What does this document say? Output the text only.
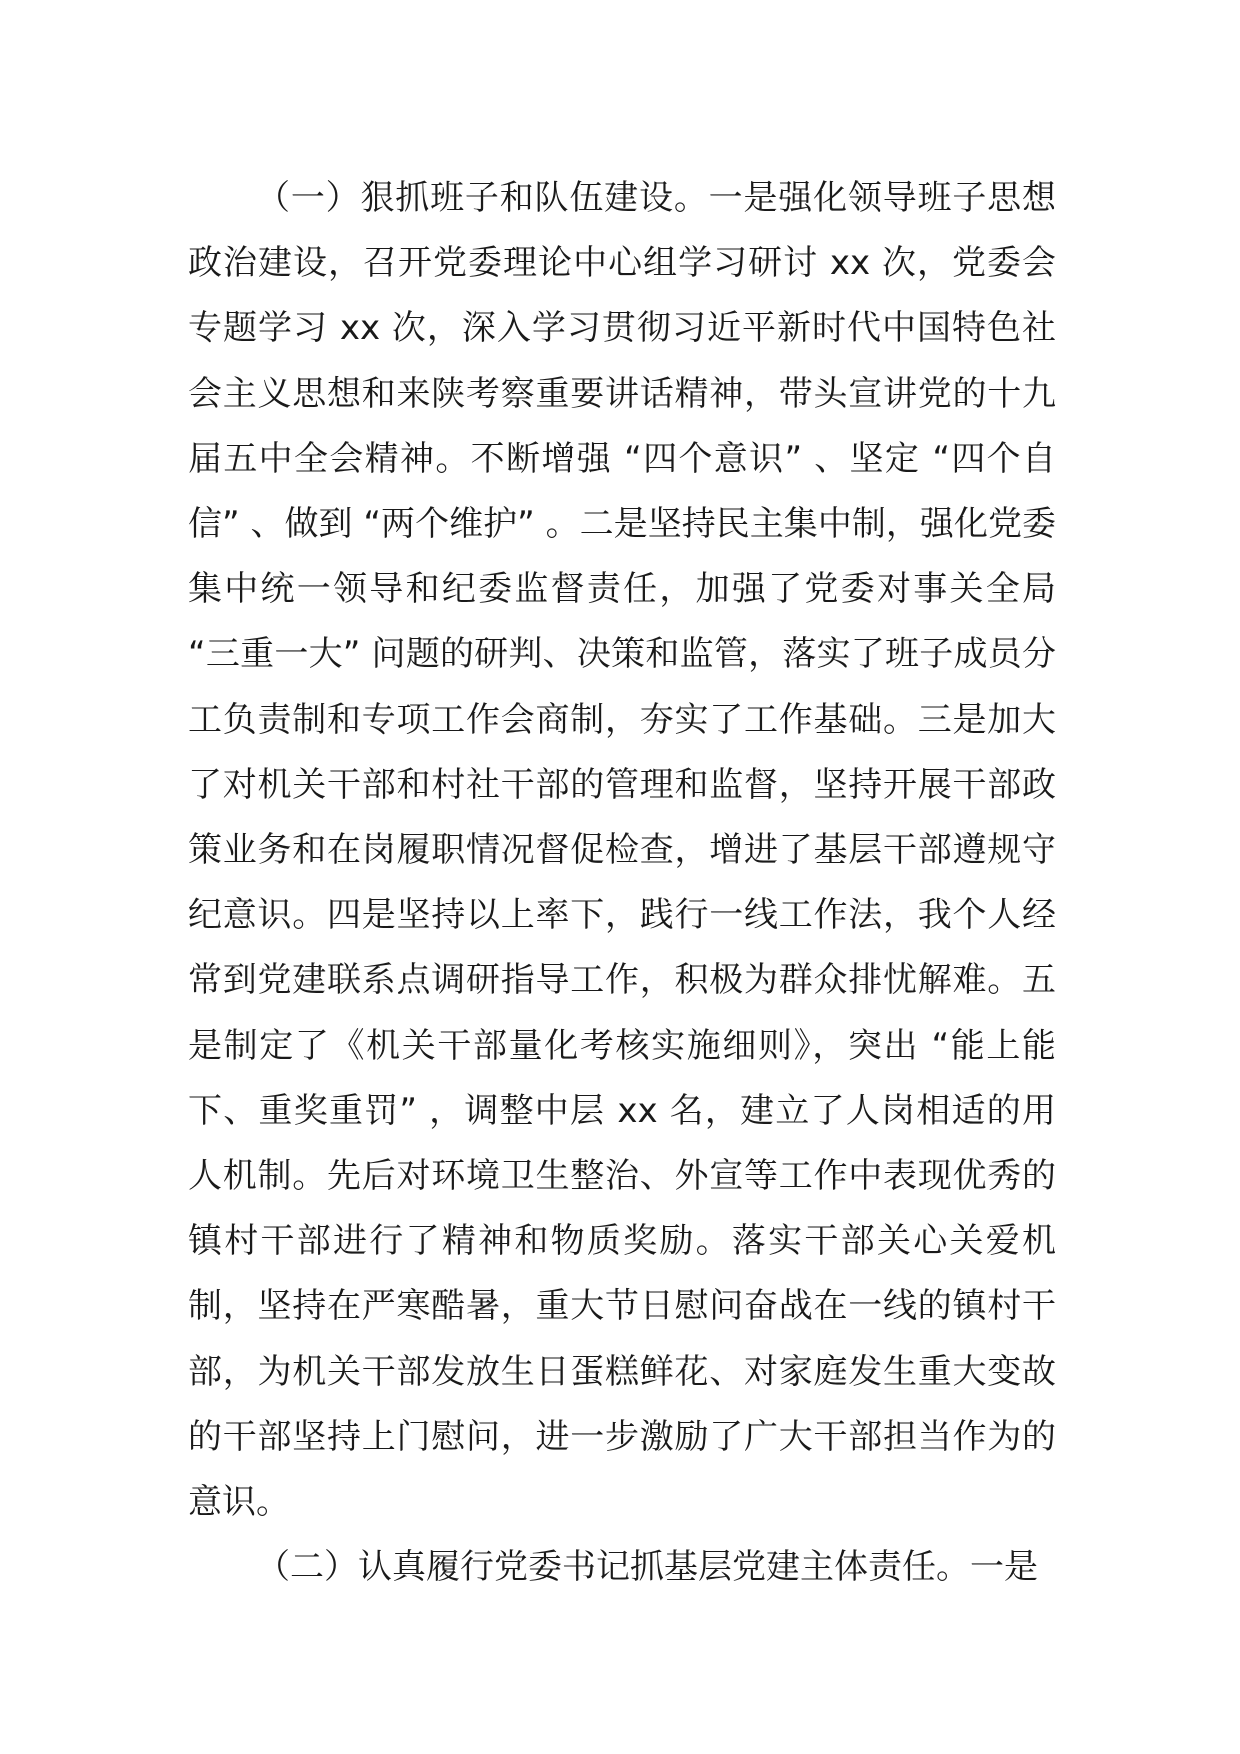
（一）狠抓班子和队伍建设。一是强化领导班子思想政治建设，召开党委理论中心组学习研讨 xx 次，党委会专题学习 xx 次，深入学习贯彻习近平新时代中国特色社会主义思想和来陕考察重要讲话精神，带头宣讲党的十九届五中全会精神。不断增强 “四个意识” 、坚定 “四个自信” 、做到 “两个维护” 。二是坚持民主集中制，强化党委集中统一领导和纪委监督责任，加强了党委对事关全局 “三重一大” 问题的研判、决策和监管，落实了班子成员分工负责制和专项工作会商制，夯实了工作基础。三是加大了对机关干部和村社干部的管理和监督，坚持开展干部政策业务和在岗履职情况督促检查，增进了基层干部遵规守纪意识。四是坚持以上率下，践行一线工作法，我个人经常到党建联系点调研指导工作，积极为群众排忧解难。五是制定了《机关干部量化考核实施细则》，突出 “能上能下、重奖重罚” ，调整中层 xx 名，建立了人岗相适的用人机制。先后对环境卫生整治、外宣等工作中表现优秀的镇村干部进行了精神和物质奖励。落实干部关心关爱机制，坚持在严寒酷暑，重大节日慰问奋战在一线的镇村干部，为机关干部发放生日蛋糕鲜花、对家庭发生重大变故的干部坚持上门慰问，进一步激励了广大干部担当作为的意识。

（二）认真履行党委书记抓基层党建主体责任。一是
